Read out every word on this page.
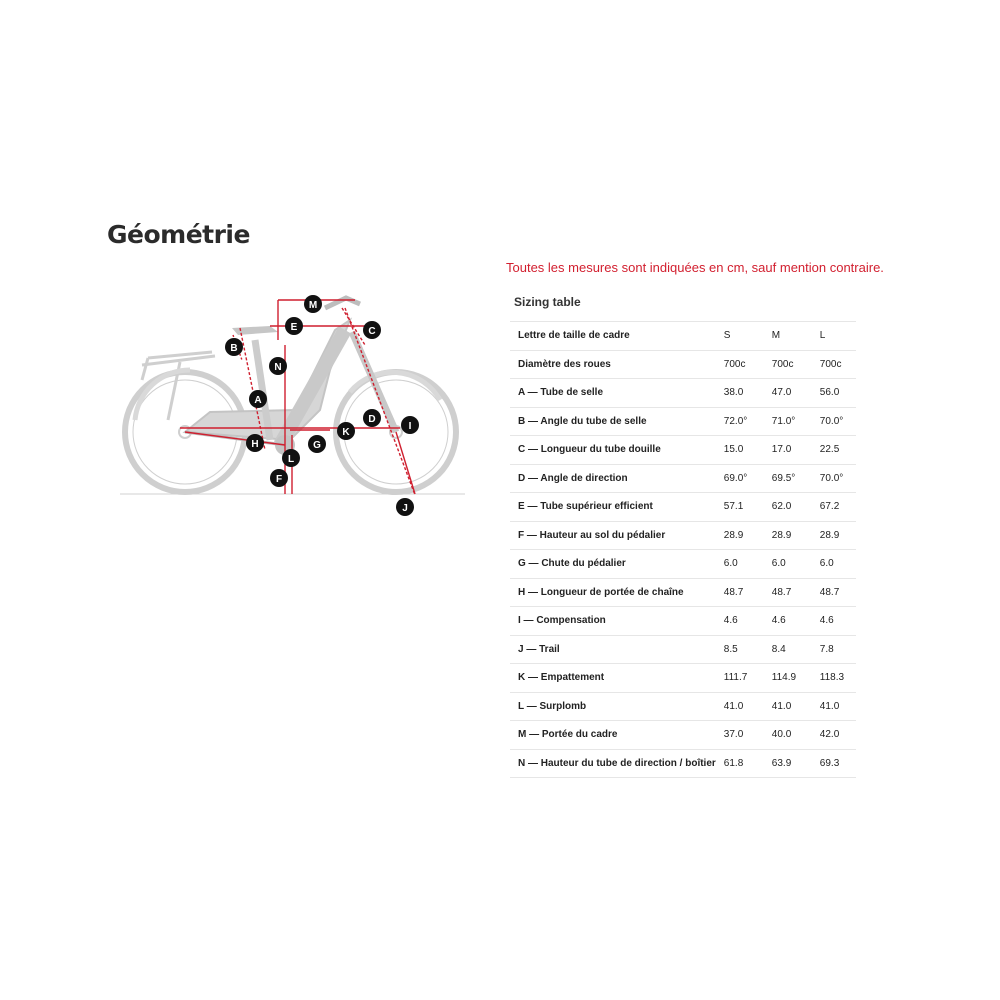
Géométrie
Toutes les mesures sont indiquées en cm, sauf mention contraire.
Sizing table
M
E	C
B
N
A
D
I
H	G
K
L
F
J
Lettre de taille de cadre	S	M	L
Diamètre des roues	700c	700c	700c
A — Tube de selle	38.0	47.0	56.0
B — Angle du tube de selle	72.0°	71.0°	70.0°
C — Longueur du tube douille	15.0	17.0	22.5
D — Angle de direction	69.0°	69.5°	70.0°
E — Tube supérieur efficient	57.1	62.0	67.2
F — Hauteur au sol du pédalier	28.9	28.9	28.9
G — Chute du pédalier	6.0	6.0	6.0
H — Longueur de portée de chaîne	48.7	48.7	48.7
I — Compensation	4.6	4.6	4.6
J — Trail	8.5	8.4	7.8
K — Empattement	111.7	114.9	118.3
L — Surplomb	41.0	41.0	41.0
M — Portée du cadre	37.0	40.0	42.0
N — Hauteur du tube de direction / boîtier	61.8	63.9	69.3
